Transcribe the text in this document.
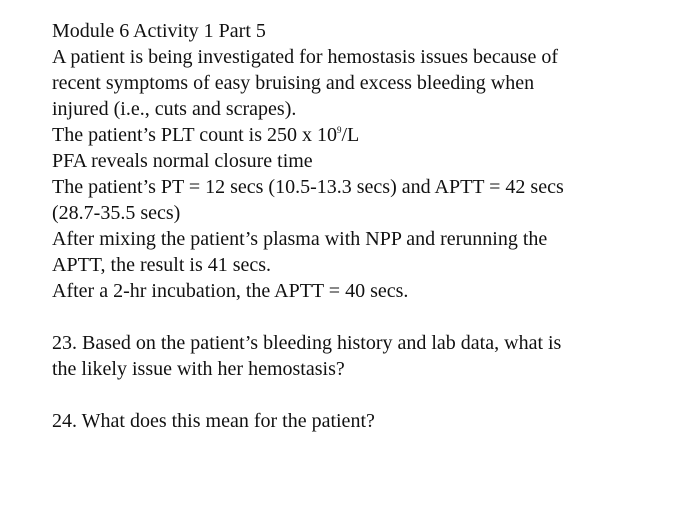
Module 6 Activity 1 Part 5
A patient is being investigated for hemostasis issues because of
recent symptoms of easy bruising and excess bleeding when
injured (i.e., cuts and scrapes).
The patient’s PLT count is 250 x $10^9/L$
PFA reveals normal closure time
The patient’s PT = 12 secs (10.5-13.3 secs) and APTT = 42 secs
(28.7-35.5 secs)
After mixing the patient’s plasma with NPP and rerunning the
APTT, the result is 41 secs.
After a 2-hr incubation, the APTT = 40 secs.
23. Based on the patient’s bleeding history and lab data, what is
the likely issue with her hemostasis?
24. What does this mean for the patient?
